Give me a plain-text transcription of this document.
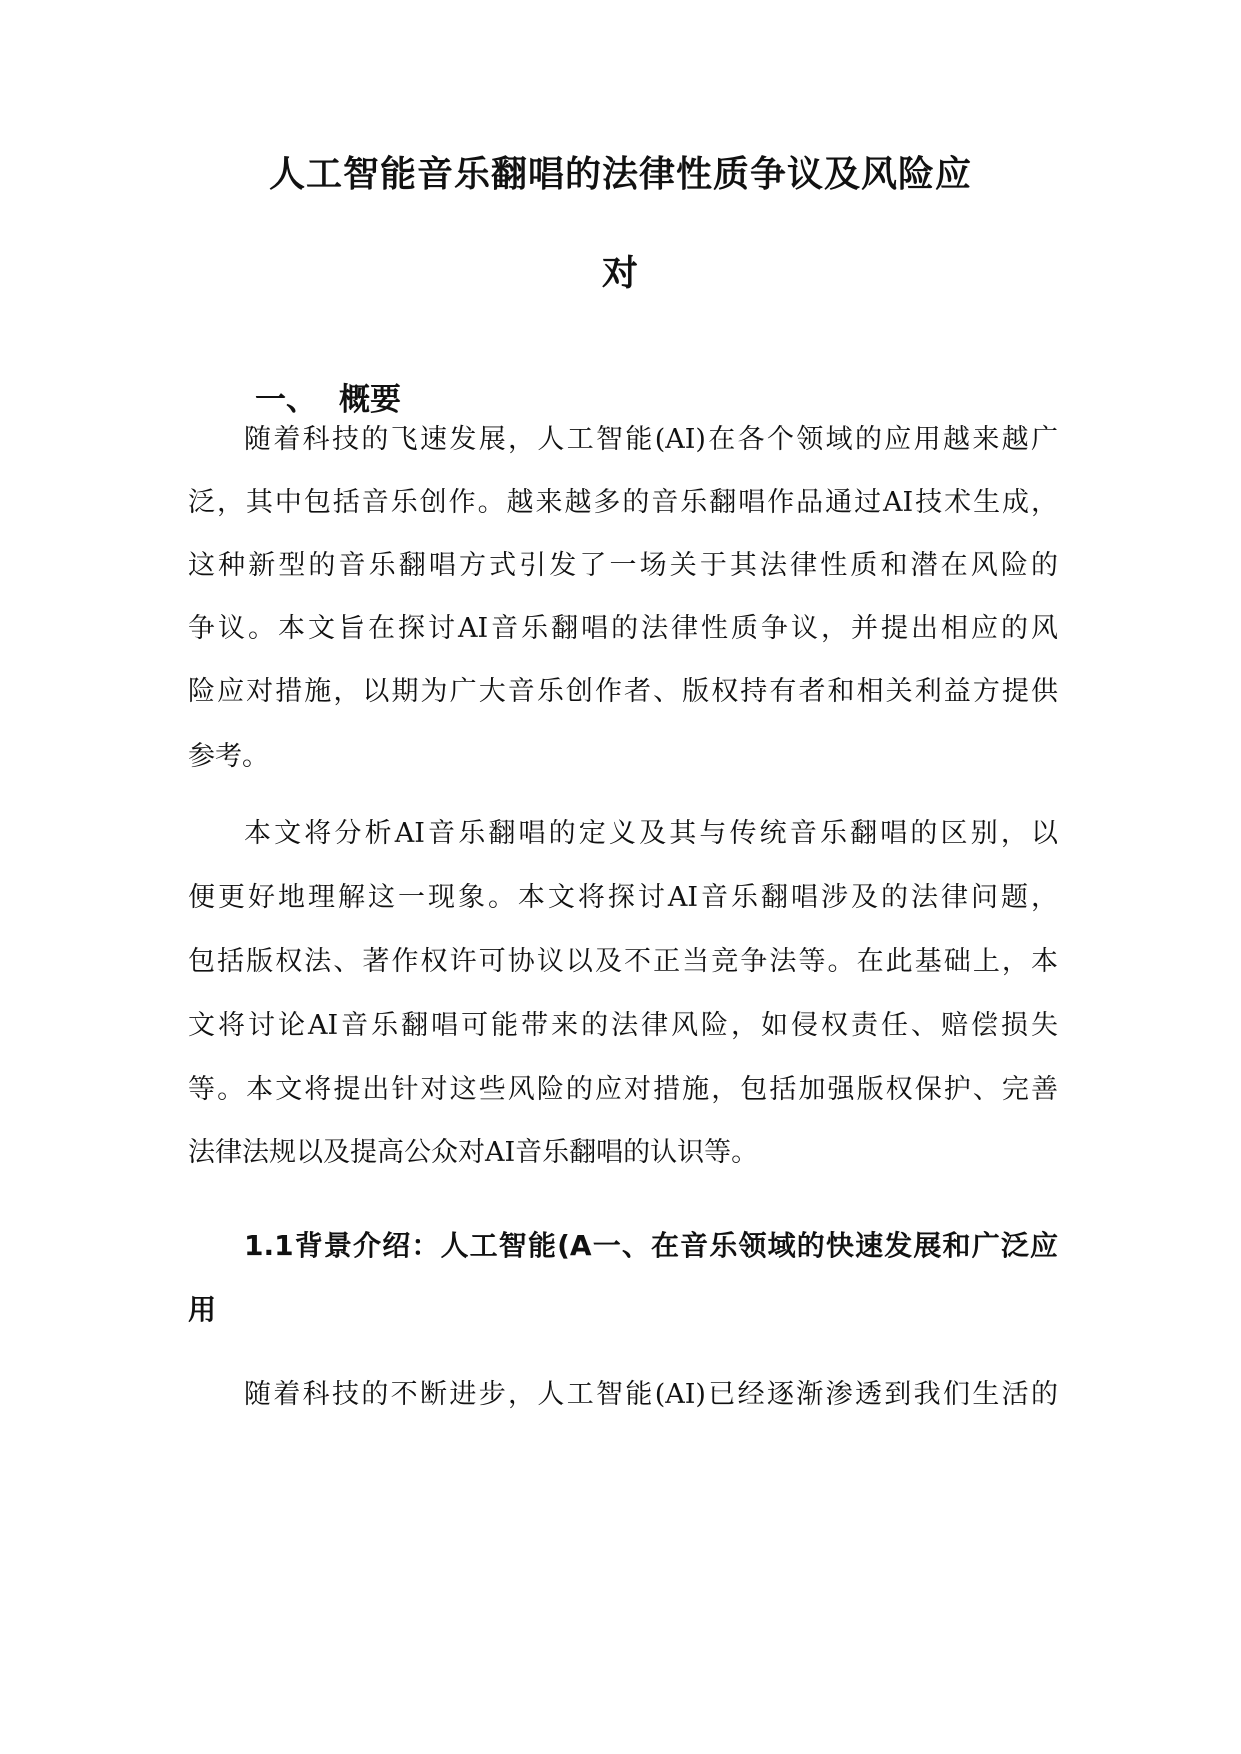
人工智能音乐翻唱的法律性质争议及风险应
对
一、 概要

随着科技的飞速发展，人工智能(AI)在各个领域的应用越来越广

泛，其中包括音乐创作。越来越多的音乐翻唱作品通过AI技术生成，

这种新型的音乐翻唱方式引发了一场关于其法律性质和潜在风险的

争议。本文旨在探讨AI音乐翻唱的法律性质争议，并提出相应的风

险应对措施，以期为广大音乐创作者、版权持有者和相关利益方提供

参考。

本文将分析AI音乐翻唱的定义及其与传统音乐翻唱的区别，以

便更好地理解这一现象。本文将探讨AI音乐翻唱涉及的法律问题，

包括版权法、著作权许可协议以及不正当竞争法等。在此基础上，本

文将讨论AI音乐翻唱可能带来的法律风险，如侵权责任、赔偿损失

等。本文将提出针对这些风险的应对措施，包括加强版权保护、完善

法律法规以及提高公众对AI音乐翻唱的认识等。

1.1背景介绍：人工智能(A一、在音乐领域的快速发展和广泛应
用

随着科技的不断进步，人工智能(AI)已经逐渐渗透到我们生活的
